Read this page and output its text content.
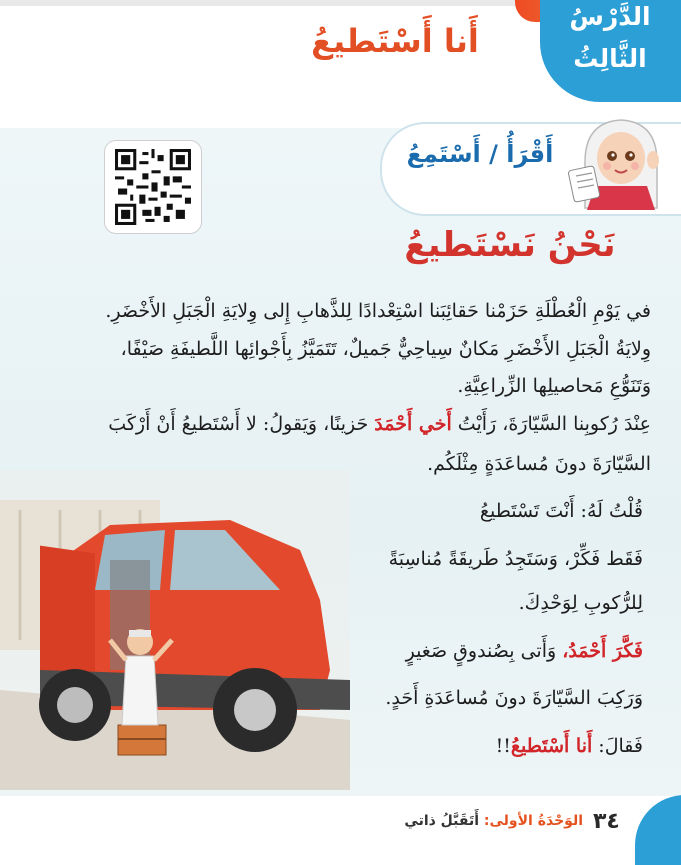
الدَّرْسُ
الثَّالِثُ
أَنا أَسْتَطيعُ
أَقْرَأُ / أَسْتَمِعُ
نَحْنُ نَسْتَطيعُ
في يَوْمِ الْعُطْلَةِ حَزَمْنا حَقائِبَنا اسْتِعْدادًا لِلذَّهابِ إِلى وِلايَةِ الْجَبَلِ الأَخْضَرِ.
وِلايَةُ الْجَبَلِ الأَخْضَرِ مَكانٌ سِياحِيٌّ جَميلٌ، تَتَمَيَّزُ بِأَجْوائِها اللَّطيفَةِ صَيْفًا،
وَتَنَوُّعِ مَحاصيلِها الزِّراعِيَّةِ.
عِنْدَ رُكوبِنا السَّيّارَةَ، رَأَيْتُ أَخي أَحْمَدَ حَزينًا، وَيَقولُ: لا أَسْتَطيعُ أَنْ أَرْكَبَ
السَّيّارَةَ دونَ مُساعَدَةٍ مِثْلَكُم.
قُلْتُ لَهُ: أَنْتَ تَسْتَطيعُ
فَقَط فَكِّرْ، وَسَتَجِدُ طَريقَةً مُناسِبَةً
لِلرُّكوبِ لِوَحْدِكَ.
فَكَّرَ أَحْمَدُ، وَأَتى بِصُندوقٍ صَغيرٍ
وَرَكِبَ السَّيّارَةَ دونَ مُساعَدَةِ أَحَدٍ.
فَقالَ: أَنا أَسْتَطيعُ!!
٣٤
الوَحْدَةُ الأولى: أَتَقَبَّلُ ذاتي
